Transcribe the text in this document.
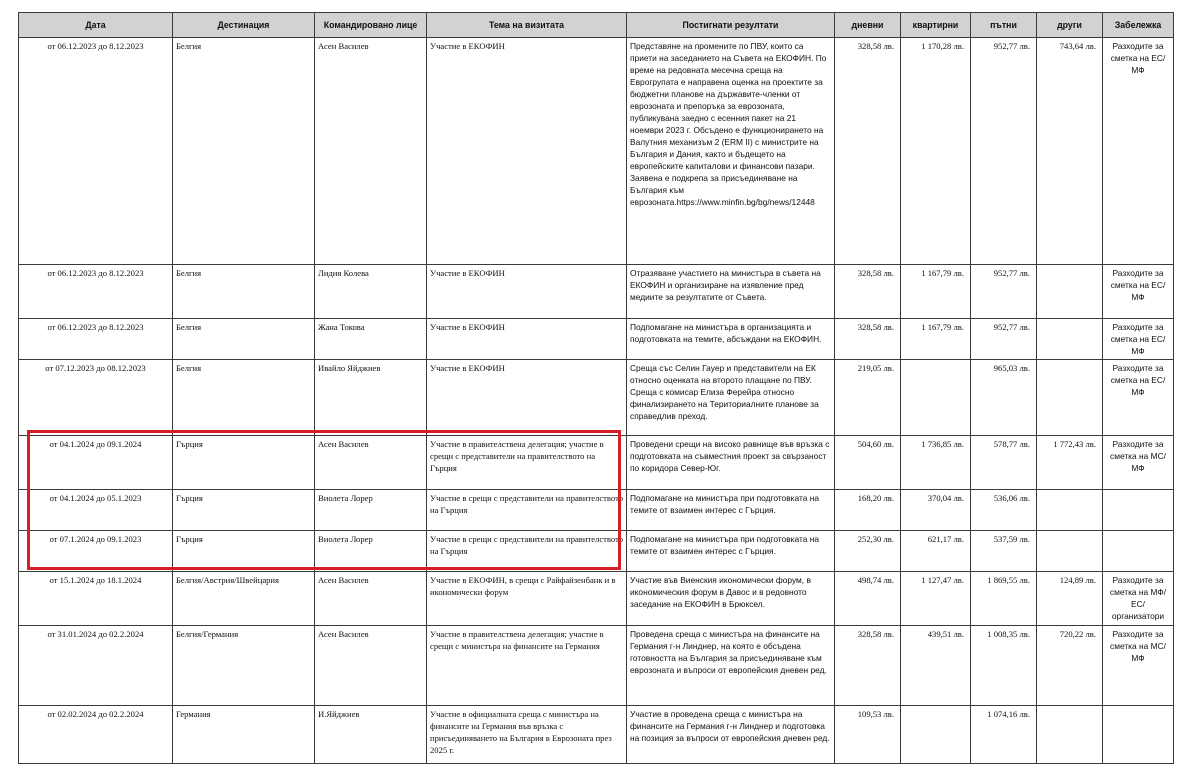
Дата	Дестинация	Командировано лице	Тема на визитата	Постигнати резултати	дневни	квартирни	пътни	други	Забележка
от 06.12.2023 до 8.12.2023	Белгия	Асен Василев	Участие в ЕКОФИН	Представяне на промените по ПВУ, които са приети на заседанието на Съвета на ЕКОФИН. По време на редовната месечна среща на Еврогрупата е направена оценка на проектите за бюджетни планове на държавите-членки от еврозоната и препоръка за еврозоната, публикувана заедно с есенния пакет на 21 ноември 2023 г. Обсъдено е функционирането на Валутния механизъм 2 (ERM II) с министрите на България и Дания, както и бъдещето на европейските капиталови и финансови пазари. Заявена е подкрепа за присъединяване на България към еврозоната.https://www.minfin.bg/bg/news/12448	328,58 лв.	1 170,28 лв.	952,77 лв.	743,64 лв.	Разходите за сметка на ЕС/МФ
от 06.12.2023 до 8.12.2023	Белгия	Лидия Колева	Участие в ЕКОФИН	Отразяване участието на министъра в съвета на ЕКОФИН и организиране на изявление пред медиите за резултатите от Съвета.	328,58 лв.	1 167,79 лв.	952,77 лв.		Разходите за сметка на ЕС/МФ
от 06.12.2023 до 8.12.2023	Белгия	Жана Токова	Участие в ЕКОФИН	Подпомагане на министъра в организацията и подготовката на темите, абсъждани на ЕКОФИН.	328,58 лв.	1 167,79 лв.	952,77 лв.		Разходите за сметка на ЕС/МФ
от 07.12.2023 до 08.12.2023	Белгия	Ивайло Яйджиев	Участие в ЕКОФИН	Среща със Селин Гауер и представители на ЕК относно оценката на второто плащане по ПВУ. Среща с комисар Елиза Ферейра относно финализирането на Териториалните планове за справедлив преход.	219,05 лв.		965,03 лв.		Разходите за сметка на ЕС/МФ
от 04.1.2024 до 09.1.2024	Гърция	Асен Василев	Участие в правителствена делегация; участие в срещи с представители на правителството на Гърция	Проведени срещи на високо равнище във връзка с подготовката на съвместния проект за свързаност по коридора Север-Юг.	504,60 лв.	1 736,85 лв.	578,77 лв.	1 772,43 лв.	Разходите за сметка на МС/МФ
от 04.1.2024 до 05.1.2023	Гърция	Виолета Лорер	Участие в срещи с представители на правителството на Гърция	Подпомагане на министъра при подготовката на темите от взаимен интерес с Гърция.	168,20 лв.	370,04 лв.	536,06 лв.		
от 07.1.2024 до 09.1.2023	Гърция	Виолета Лорер	Участие в срещи с представители на правителството на Гърция	Подпомагане на министъра при подготовката на темите от взаимен интерес с Гърция.	252,30 лв.	621,17 лв.	537,59 лв.		
от 15.1.2024 до 18.1.2024	Белгия/Австрия/Швейцария	Асен Василев	Участие в ЕКОФИН, в срещи с Райфайзенбанк и в икономически форум	Участие във Виенския икономически форум, в икономическия форум в Давос и в редовното заседание на ЕКОФИН в Брюксел.	498,74 лв.	1 127,47 лв.	1 869,55 лв.	124,89 лв.	Разходите за сметка на МФ/ЕС/организатори
от 31.01.2024 до 02.2.2024	Белгия/Германия	Асен Василев	Участие в правителствена делегация; участие в срещи с министъра на финансите на Германия	Проведена среща с министъра на финансите на Германия г-н Линднер, на която е обсъдена готовността на България за присъединяване към еврозоната и въпроси от европейския дневен ред.	328,58 лв.	439,51 лв.	1 008,35 лв.	720,22 лв.	Разходите за сметка на МС/МФ
от 02.02.2024 до 02.2.2024	Германия	И.Яйджиев	Участие в официалната среща с министъра на финансите на Германия във връзка с присъединяването на България в Еврозоната през 2025 г.	Участие в проведена среща с министъра на финансите на Германия г-н Линднер и подготовка на позиция за въпроси от европейския дневен ред.	109,53 лв.		1 074,16 лв.		
